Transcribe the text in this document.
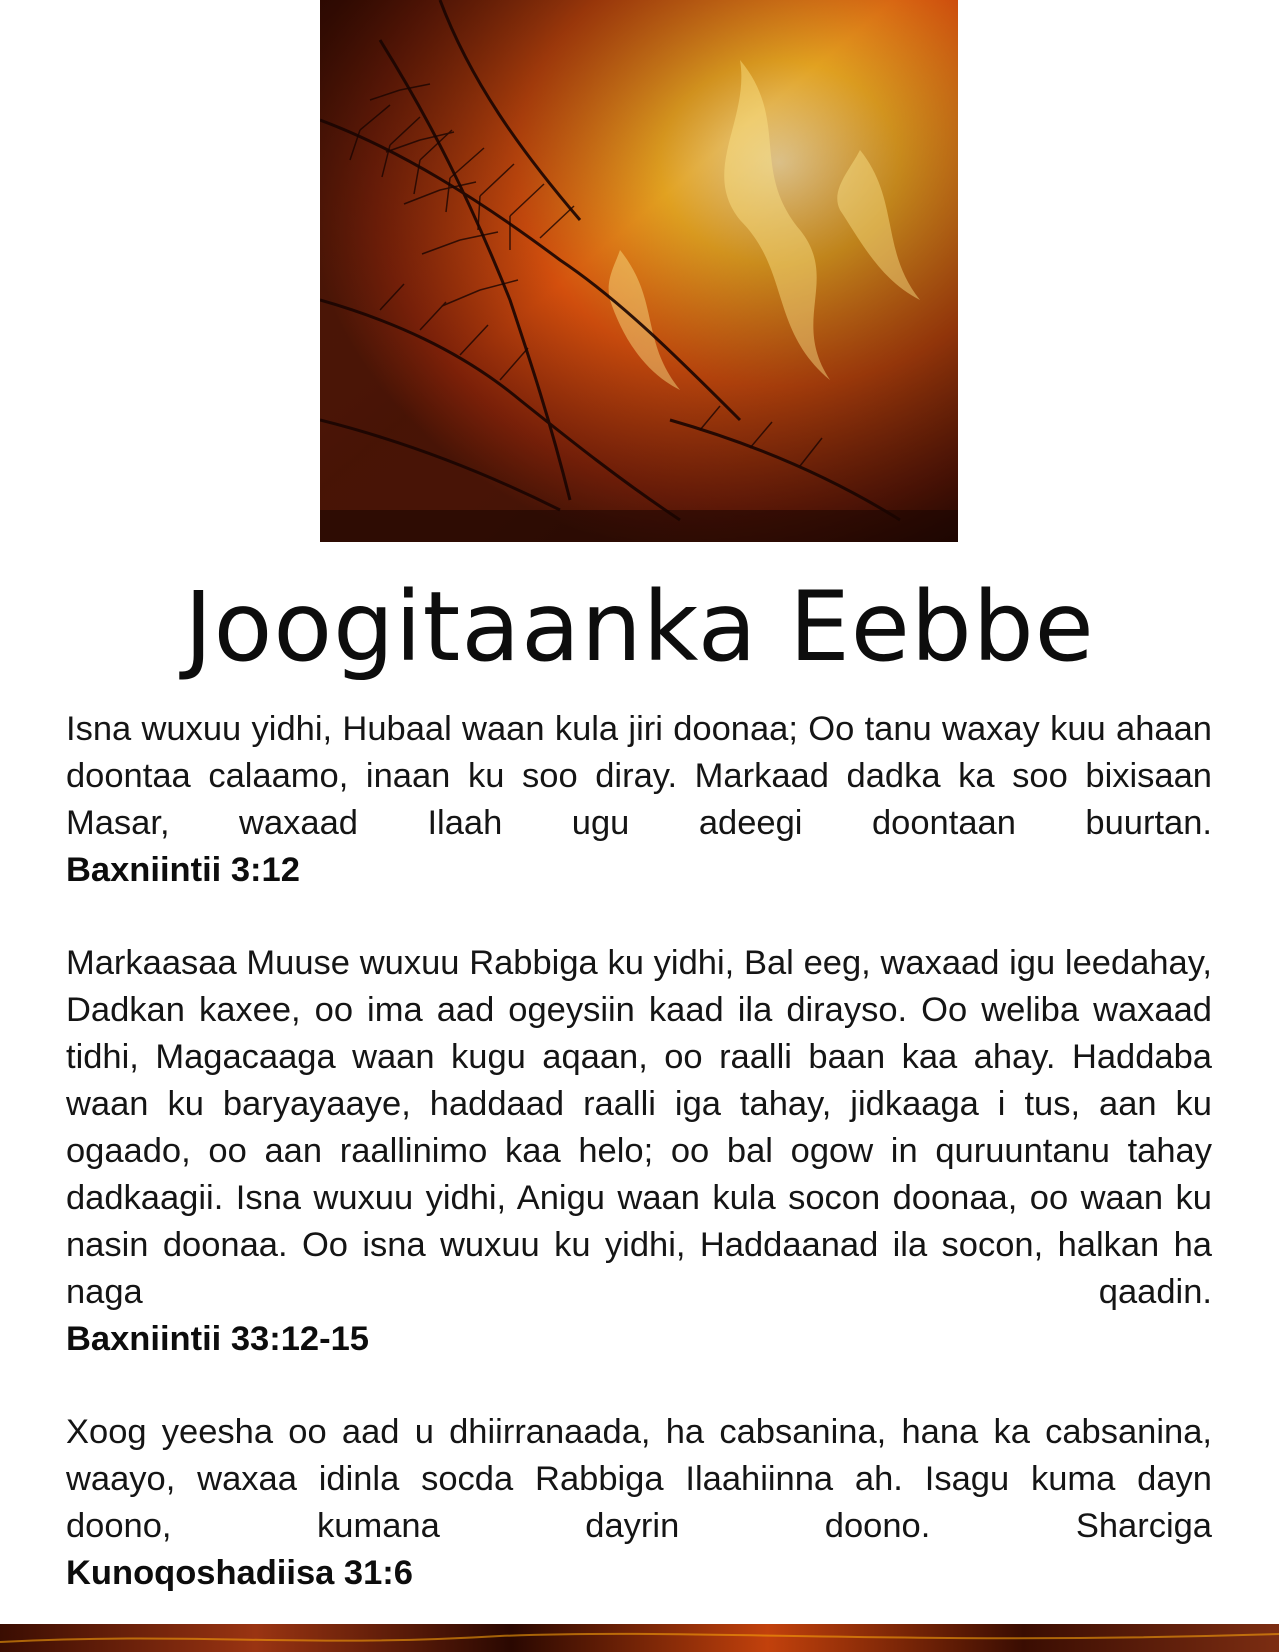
Joogitaanka Eebbe

Isna wuxuu yidhi, Hubaal waan kula jiri doonaa; Oo tanu waxay kuu ahaan doontaa calaamo, inaan ku soo diray. Markaad dadka ka soo bixisaan Masar, waxaad Ilaah ugu adeegi doontaan buurtan.

Baxniintii 3:12

Markaasaa Muuse wuxuu Rabbiga ku yidhi, Bal eeg, waxaad igu leedahay, Dadkan kaxee, oo ima aad ogeysiin kaad ila dirayso. Oo weliba waxaad tidhi, Magacaaga waan kugu aqaan, oo raalli baan kaa ahay. Haddaba waan ku baryayaaye, haddaad raalli iga tahay, jidkaaga i tus, aan ku ogaado, oo aan raallinimo kaa helo; oo bal ogow in quruuntanu tahay dadkaagii. Isna wuxuu yidhi, Anigu waan kula socon doonaa, oo waan ku nasin doonaa. Oo isna wuxuu ku yidhi, Haddaanad ila socon, halkan ha naga qaadin.

Baxniintii 33:12-15

Xoog yeesha oo aad u dhiirranaada, ha cabsanina, hana ka cabsanina, waayo, waxaa idinla socda Rabbiga Ilaahiinna ah. Isagu kuma dayn doono, kumana dayrin doono. Sharciga

Kunoqoshadiisa 31:6
